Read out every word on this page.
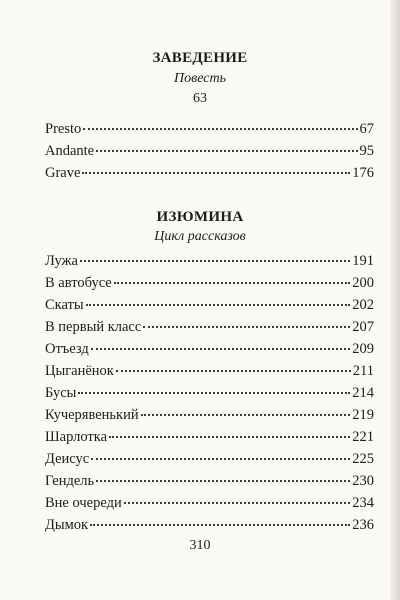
ЗАВЕДЕНИЕ
Повесть
63
Presto	67
Andante	95
Grave	176
ИЗЮМИНА
Цикл рассказов
Лужа	191
В автобусе	200
Скаты	202
В первый класс	207
Отъезд	209
Цыганёнок	211
Бусы	214
Кучерявенький	219
Шарлотка	221
Деисус	225
Гендель	230
Вне очереди	234
Дымок	236
310
